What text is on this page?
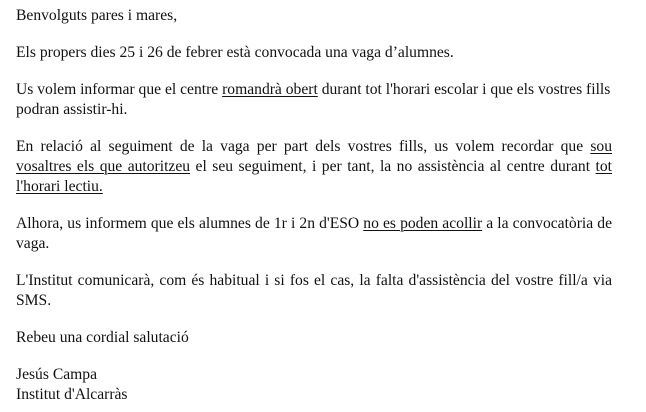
Benvolguts pares i mares,

Els propers dies 25 i 26 de febrer està convocada una vaga d’alumnes.

Us volem informar que el centre romandrà obert durant tot l'horari escolar i que els vostres fills podran assistir-hi.

En relació al seguiment de la vaga per part dels vostres fills, us volem recordar que sou vosaltres els que autoritzeu el seu seguiment, i per tant, la no assistència al centre durant tot l'horari lectiu.

Alhora, us informem que els alumnes de 1r i 2n d'ESO no es poden acollir a la convocatòria de vaga.

L'Institut comunicarà, com és habitual i si fos el cas, la falta d'assistència del vostre fill/a via SMS.

Rebeu una cordial salutació

Jesús Campa

Institut d'Alcarràs
